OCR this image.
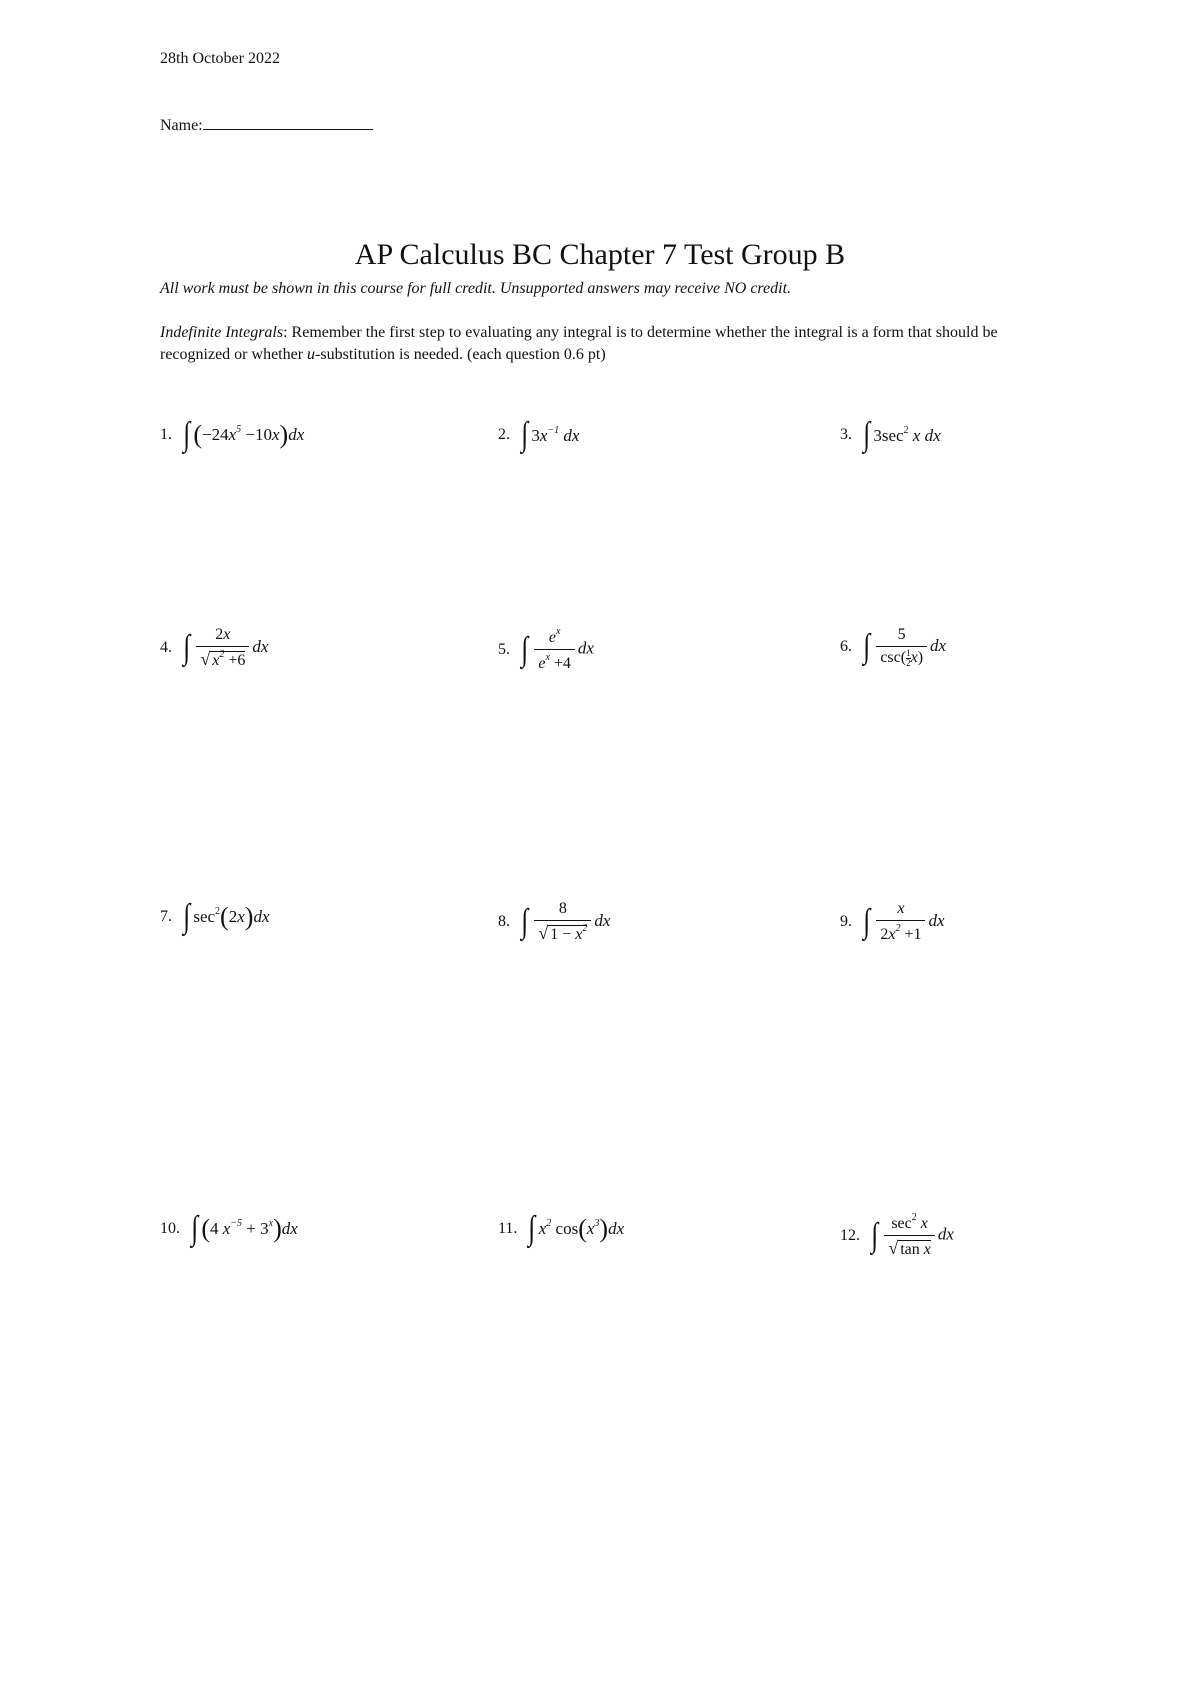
28th October 2022
Name:
AP Calculus BC Chapter 7 Test Group B
All work must be shown in this course for full credit. Unsupported answers may receive NO credit.
Indefinite Integrals: Remember the first step to evaluating any integral is to determine whether the integral is a form that should be recognized or whether u-substitution is needed. (each question 0.6 pt)
1. ∫ $(-24x^5 -10x)dx$	2. ∫ $3x^{-1}$ dx	3. ∫ $3\sec^2$ x dx
4. ∫ $\frac{2x}{√ x^2 +6}$ dx	5. ∫ $\frac{e^x}{e^x +4}$ dx	6. ∫ $\frac{5}{\csc( \frac{1}{2} x)}$ dx
7. ∫ $\sec^2(2x)dx$	8. ∫ $\frac{8}{√ 1 - x^2}$ dx	9. ∫ $\frac{x}{2x^2 +1}$ dx
10. ∫ (4 $x^{-5} + 3^x)dx$	11. ∫ $x^2$ $\cos(x^3)dx$	12. ∫ $\frac{\sec^2 x}{\text{√ tan x}}$ dx
